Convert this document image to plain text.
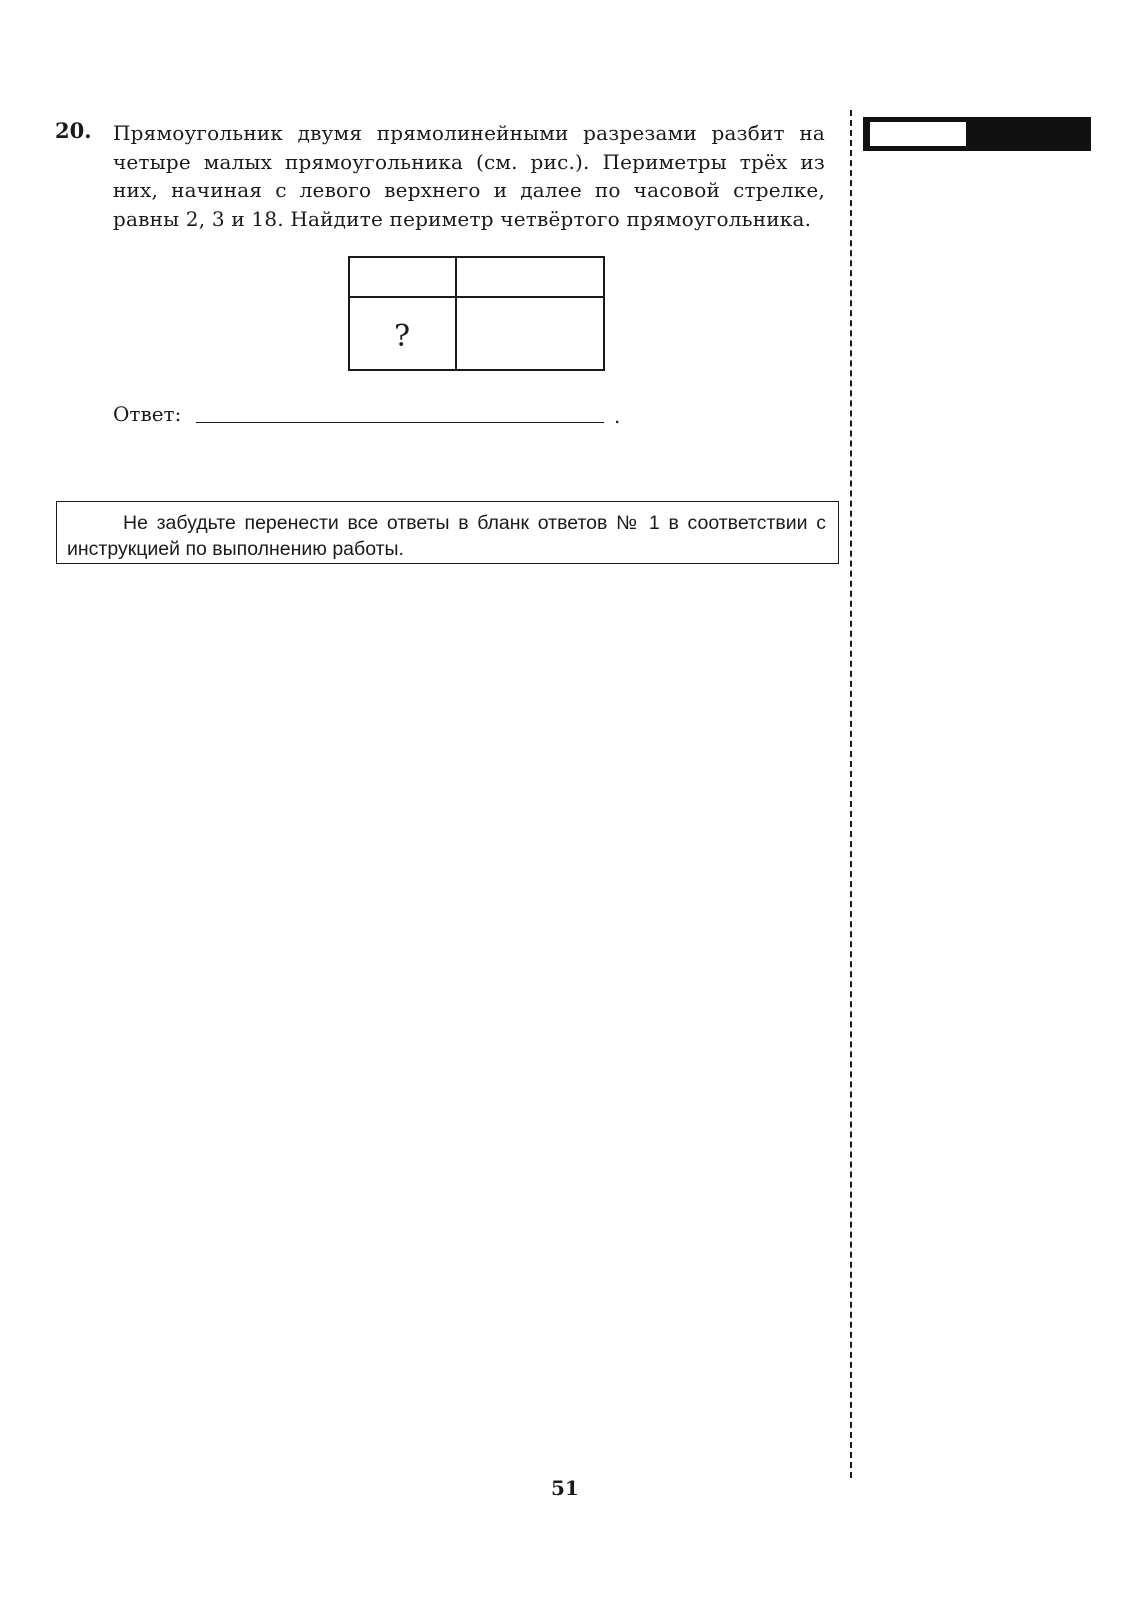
20. Прямоугольник двумя прямолинейными разрезами разбит на четыре малых прямоугольника (см. рис.). Периметры трёх из них, начиная с левого верхнего и далее по часовой стрелке, равны 2, 3 и 18. Найдите периметр четвёртого прямоугольника.
?
Ответ:	.
Не забудьте перенести все ответы в бланк ответов № 1 в соответствии с инструкцией по выполнению работы.
51
